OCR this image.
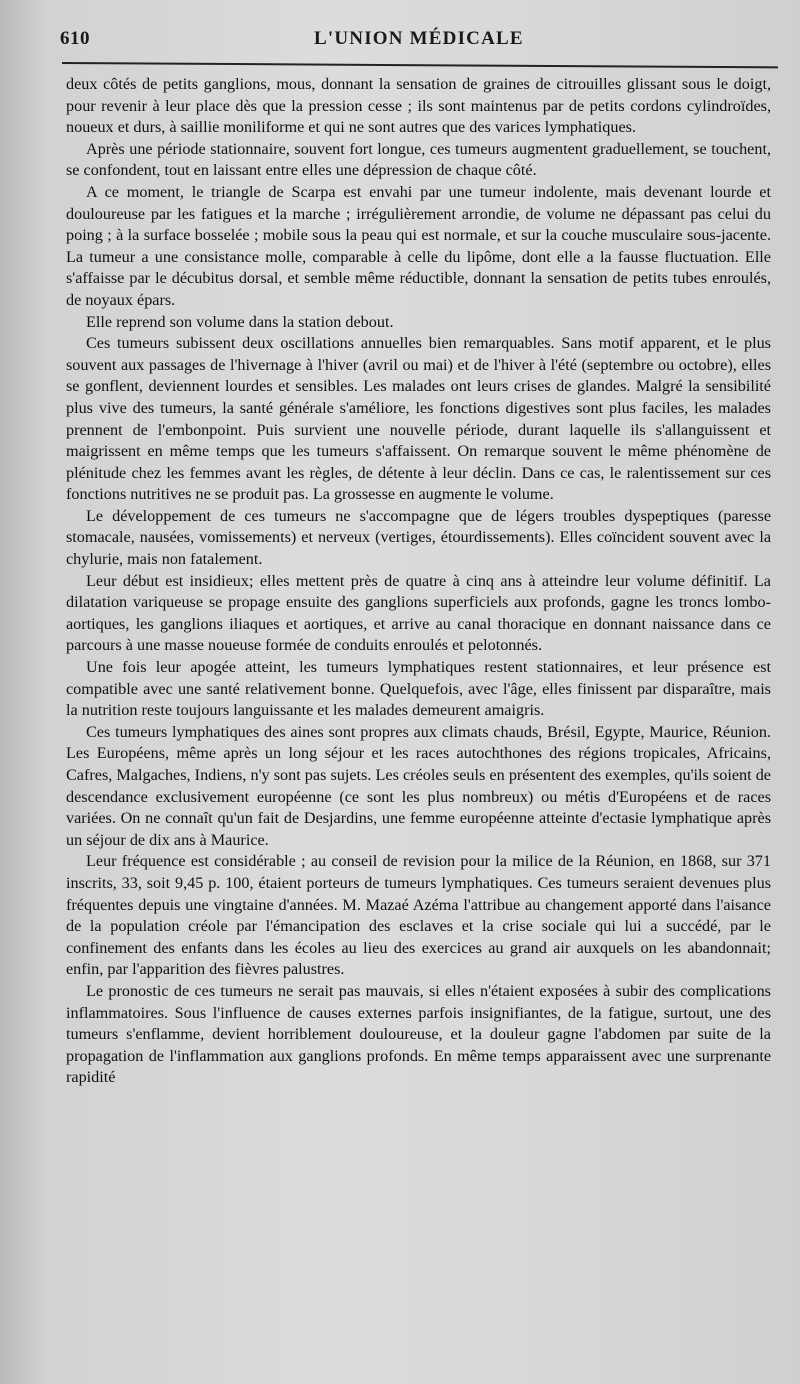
610	L'UNION MÉDICALE

deux côtés de petits ganglions, mous, donnant la sensation de graines de citrouilles glissant sous le doigt, pour revenir à leur place dès que la pression cesse ; ils sont maintenus par de petits cordons cylindroïdes, noueux et durs, à saillie moniliforme et qui ne sont autres que des varices lymphatiques.

Après une période stationnaire, souvent fort longue, ces tumeurs augmentent graduellement, se touchent, se confondent, tout en laissant entre elles une dépression de chaque côté.

A ce moment, le triangle de Scarpa est envahi par une tumeur indolente, mais devenant lourde et douloureuse par les fatigues et la marche ; irrégulièrement arrondie, de volume ne dépassant pas celui du poing ; à la surface bosselée ; mobile sous la peau qui est normale, et sur la couche musculaire sous-jacente. La tumeur a une consistance molle, comparable à celle du lipôme, dont elle a la fausse fluctuation. Elle s'affaisse par le décubitus dorsal, et semble même réductible, donnant la sensation de petits tubes enroulés, de noyaux épars.

Elle reprend son volume dans la station debout.

Ces tumeurs subissent deux oscillations annuelles bien remarquables. Sans motif apparent, et le plus souvent aux passages de l'hivernage à l'hiver (avril ou mai) et de l'hiver à l'été (septembre ou octobre), elles se gonflent, deviennent lourdes et sensibles. Les malades ont leurs crises de glandes. Malgré la sensibilité plus vive des tumeurs, la santé générale s'améliore, les fonctions digestives sont plus faciles, les malades prennent de l'embonpoint. Puis survient une nouvelle période, durant laquelle ils s'allanguissent et maigrissent en même temps que les tumeurs s'affaissent. On remarque souvent le même phénomène de plénitude chez les femmes avant les règles, de détente à leur déclin. Dans ce cas, le ralentissement sur ces fonctions nutritives ne se produit pas. La grossesse en augmente le volume.

Le développement de ces tumeurs ne s'accompagne que de légers troubles dyspeptiques (paresse stomacale, nausées, vomissements) et nerveux (vertiges, étourdissements). Elles coïncident souvent avec la chylurie, mais non fatalement.

Leur début est insidieux; elles mettent près de quatre à cinq ans à atteindre leur volume définitif. La dilatation variqueuse se propage ensuite des ganglions superficiels aux profonds, gagne les troncs lombo-aortiques, les ganglions iliaques et aortiques, et arrive au canal thoracique en donnant naissance dans ce parcours à une masse noueuse formée de conduits enroulés et pelotonnés.

Une fois leur apogée atteint, les tumeurs lymphatiques restent stationnaires, et leur présence est compatible avec une santé relativement bonne. Quelquefois, avec l'âge, elles finissent par disparaître, mais la nutrition reste toujours languissante et les malades demeurent amaigris.

Ces tumeurs lymphatiques des aines sont propres aux climats chauds, Brésil, Egypte, Maurice, Réunion. Les Européens, même après un long séjour et les races autochthones des régions tropicales, Africains, Cafres, Malgaches, Indiens, n'y sont pas sujets. Les créoles seuls en présentent des exemples, qu'ils soient de descendance exclusivement européenne (ce sont les plus nombreux) ou métis d'Européens et de races variées. On ne connaît qu'un fait de Desjardins, une femme européenne atteinte d'ectasie lymphatique après un séjour de dix ans à Maurice.

Leur fréquence est considérable ; au conseil de revision pour la milice de la Réunion, en 1868, sur 371 inscrits, 33, soit 9,45 p. 100, étaient porteurs de tumeurs lymphatiques. Ces tumeurs seraient devenues plus fréquentes depuis une vingtaine d'années. M. Mazaé Azéma l'attribue au changement apporté dans l'aisance de la population créole par l'émancipation des esclaves et la crise sociale qui lui a succédé, par le confinement des enfants dans les écoles au lieu des exercices au grand air auxquels on les abandonnait; enfin, par l'apparition des fièvres palustres.

Le pronostic de ces tumeurs ne serait pas mauvais, si elles n'étaient exposées à subir des complications inflammatoires. Sous l'influence de causes externes parfois insignifiantes, de la fatigue, surtout, une des tumeurs s'enflamme, devient horriblement douloureuse, et la douleur gagne l'abdomen par suite de la propagation de l'inflammation aux ganglions profonds. En même temps apparaissent avec une surprenante rapidité
